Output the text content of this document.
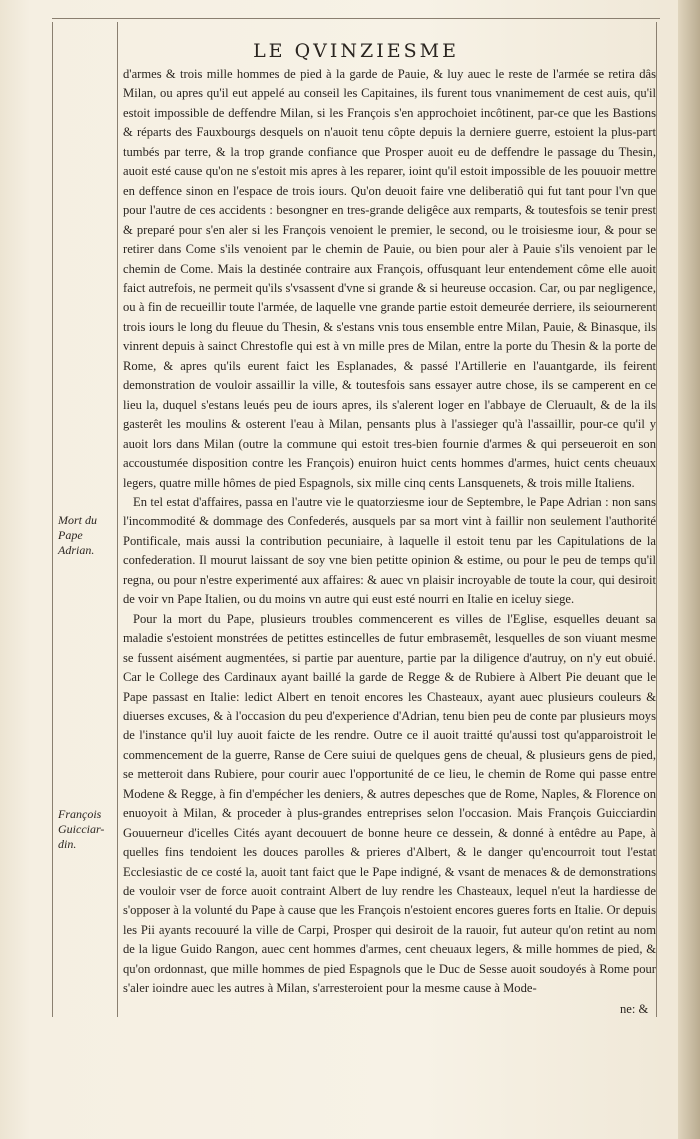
LE QVINZIESME
Mort du Pape Adrian.
François Guicciar-din.

d'armes & trois mille hommes de pied à la garde de Pauie, & luy auec le reste de l'armée se retira dâs Milan, ou apres qu'il eut appelé au conseil les Capitaines, ils furent tous vnanimement de cest auis, qu'il estoit impossible de deffendre Milan, si les François s'en approchoiet incôtinent, par-ce que les Bastions & réparts des Fauxbourgs desquels on n'auoit tenu côpte depuis la derniere guerre, estoient la plus-part tumbés par terre, & la trop grande confiance que Prosper auoit eu de deffendre le passage du Thesin, auoit esté cause qu'on ne s'estoit mis apres à les reparer, ioint qu'il estoit impossible de les pouuoir mettre en deffence sinon en l'espace de trois iours. Qu'on deuoit faire vne deliberatiô qui fut tant pour l'vn que pour l'autre de ces accidents : besongner en tres-grande deligêce aux remparts, & toutesfois se tenir prest & preparé pour s'en aler si les François venoient le premier, le second, ou le troisiesme iour, & pour se retirer dans Come s'ils venoient par le chemin de Pauie, ou bien pour aler à Pauie s'ils venoient par le chemin de Come. Mais la destinée contraire aux François, offusquant leur entendement côme elle auoit faict autrefois, ne permeit qu'ils s'vsassent d'vne si grande & si heureuse occasion. Car, ou par negligence, ou à fin de recueillir toute l'armée, de laquelle vne grande partie estoit demeurée derriere, ils seiournerent trois iours le long du fleuue du Thesin, & s'estans vnis tous ensemble entre Milan, Pauie, & Binasque, ils vinrent depuis à sainct Chrestofle qui est à vn mille pres de Milan, entre la porte du Thesin & la porte de Rome, & apres qu'ils eurent faict les Esplanades, & passé l'Artillerie en l'auantgarde, ils feirent demonstration de vouloir assaillir la ville, & toutesfois sans essayer autre chose, ils se camperent en ce lieu la, duquel s'estans leués peu de iours apres, ils s'alerent loger en l'abbaye de Cleruault, & de la ils gasterêt les moulins & osterent l'eau à Milan, pensants plus à l'assieger qu'à l'assaillir, pour-ce qu'il y auoit lors dans Milan (outre la commune qui estoit tres-bien fournie d'armes & qui perseueroit en son accoustumée disposition contre les François) enuiron huict cents hommes d'armes, huict cents cheuaux legers, quatre mille hômes de pied Espagnols, six mille cinq cents Lansquenets, & trois mille Italiens.

En tel estat d'affaires, passa en l'autre vie le quatorziesme iour de Septembre, le Pape Adrian : non sans l'incommodité & dommage des Confederés, ausquels par sa mort vint à faillir non seulement l'authorité Pontificale, mais aussi la contribution pecuniaire, à laquelle il estoit tenu par les Capitulations de la confederation. Il mourut laissant de soy vne bien petitte opinion & estime, ou pour le peu de temps qu'il regna, ou pour n'estre experimenté aux affaires: & auec vn plaisir incroyable de toute la cour, qui desiroit de voir vn Pape Italien, ou du moins vn autre qui eust esté nourri en Italie en iceluy siege.

Pour la mort du Pape, plusieurs troubles commencerent es villes de l'Eglise, esquelles deuant sa maladie s'estoient monstrées de petittes estincelles de futur embrasemêt, lesquelles de son viuant mesme se fussent aisément augmentées, si partie par auenture, partie par la diligence d'autruy, on n'y eut obuié. Car le College des Cardinaux ayant baillé la garde de Regge & de Rubiere à Albert Pie deuant que le Pape passast en Italie: ledict Albert en tenoit encores les Chasteaux, ayant auec plusieurs couleurs & diuerses excuses, & à l'occasion du peu d'experience d'Adrian, tenu bien peu de conte par plusieurs moys de l'instance qu'il luy auoit faicte de les rendre. Outre ce il auoit traitté qu'aussi tost qu'apparoistroit le commencement de la guerre, Ranse de Cere suiui de quelques gens de cheual, & plusieurs gens de pied, se metteroit dans Rubiere, pour courir auec l'opportunité de ce lieu, le chemin de Rome qui passe entre Modene & Regge, à fin d'empécher les deniers, & autres depesches que de Rome, Naples, & Florence on enuoyoit à Milan, & proceder à plus-grandes entreprises selon l'occasion. Mais François Guicciardin Gouuerneur d'icelles Cités ayant decouuert de bonne heure ce dessein, & donné à entêdre au Pape, à quelles fins tendoient les douces parolles & prieres d'Albert, & le danger qu'encourroit tout l'estat Ecclesiastic de ce costé la, auoit tant faict que le Pape indigné, & vsant de menaces & de demonstrations de vouloir vser de force auoit contraint Albert de luy rendre les Chasteaux, lequel n'eut la hardiesse de s'opposer à la volunté du Pape à cause que les François n'estoient encores gueres forts en Italie. Or depuis les Pii ayants recouuré la ville de Carpi, Prosper qui desiroit de la rauoir, fut auteur qu'on retint au nom de la ligue Guido Rangon, auec cent hommes d'armes, cent cheuaux legers, & mille hommes de pied, & qu'on ordonnast, que mille hommes de pied Espagnols que le Duc de Sesse auoit soudoyés à Rome pour s'aler ioindre auec les autres à Milan, s'arresteroient pour la mesme cause à Mode-

ne: &
